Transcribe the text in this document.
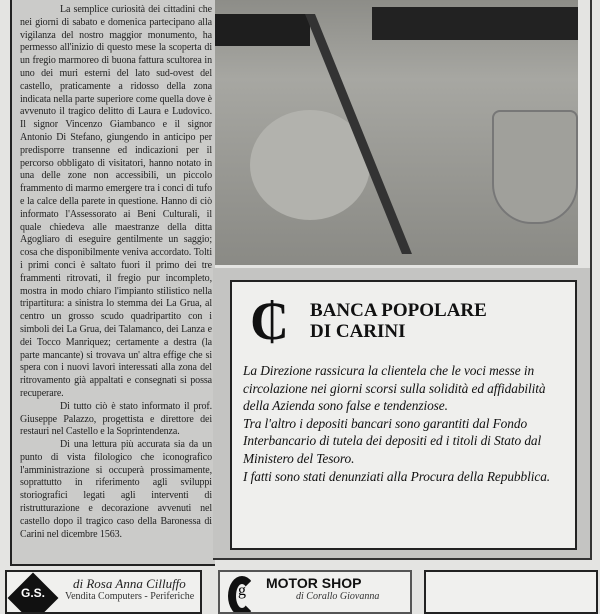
La semplice curiosità dei cittadini che nei giorni di sabato e domenica partecipano alla vigilanza del nostro maggior monumento, ha permesso all'inizio di questo mese la scoperta di un fregio marmoreo di buona fattura scultorea in uno dei muri esterni del lato sud-ovest del castello, praticamente a ridosso della zona indicata nella parte superiore come quella dove è avvenuto il tragico delitto di Laura e Ludovico. Il signor Vincenzo Giambanco e il signor Antonio Di Stefano, giungendo in anticipo per predisporre transenne ed indicazioni per il percorso obbligato di visitatori, hanno notato in una delle zone non accessibili, un piccolo frammento di marmo emergere tra i conci di tufo e la calce della parete in questione. Hanno di ciò informato l'Assessorato ai Beni Culturali, il quale chiedeva alle maestranze della ditta Agogliaro di eseguire gentilmente un saggio; cosa che disponibilmente veniva accordato. Tolti i primi conci è saltato fuori il primo dei tre frammenti ritrovati, il fregio pur incompleto, mostra in modo chiaro l'impianto stilistico nella tripartitura: a sinistra lo stemma dei La Grua, al centro un grosso scudo quadripartito con i simboli dei La Grua, dei Talamanco, dei Lanza e dei Tocco Manriquez; certamente a destra (la parte mancante) si trovava un' altra effige che si spera con i nuovi lavori interessati alla zona del ritrovamento già appaltati e consegnati si possa recuperare.

Di tutto ciò è stato informato il prof. Giuseppe Palazzo, progettista e direttore dei restauri nel Castello e la Soprintendenza.

Di una lettura più accurata sia da un punto di vista filologico che iconografico l'amministrazione si occuperà prossimamente, soprattutto in riferimento agli sviluppi storiografici legati agli interventi di ristrutturazione e decorazione avvenuti nel castello dopo il tragico caso della Baronessa di Carini nel dicembre 1563.

₵ BANCA POPOLARE
DI CARINI

La Direzione rassicura la clientela che le voci messe in circolazione nei giorni scorsi sulla solidità ed affidabilità della Azienda sono false e tendenziose.

Tra l'altro i depositi bancari sono garantiti dal Fondo Interbancario di tutela dei depositi ed i titoli di Stato dal Ministero del Tesoro.

I fatti sono stati denunziati alla Procura della Repubblica.

G.S.
di Rosa Anna Cilluffo
Vendita Computers - Periferiche	g MOTOR SHOP
di Corallo Giovanna
